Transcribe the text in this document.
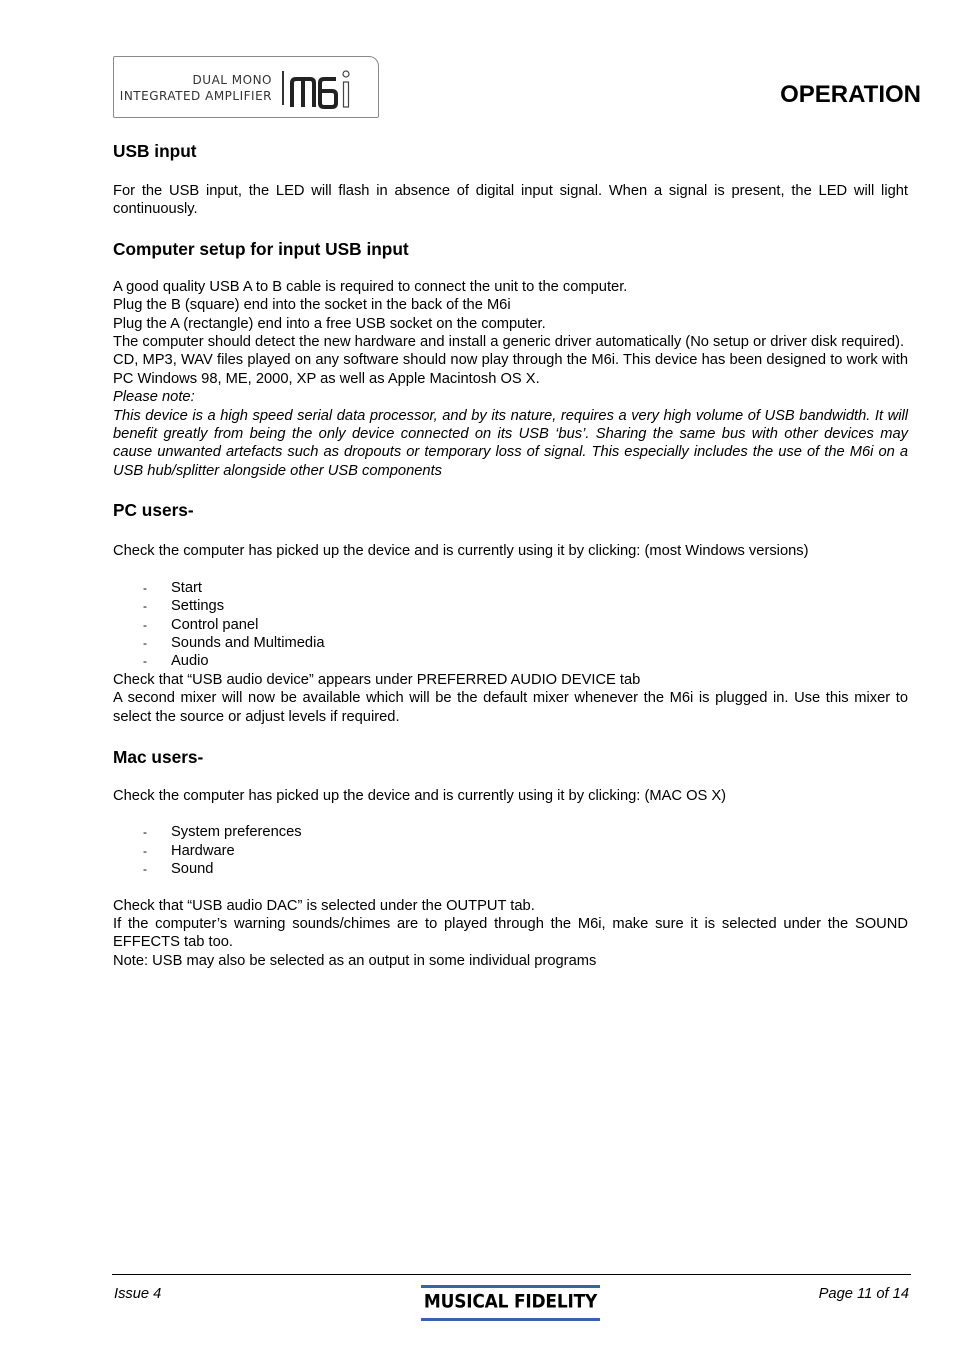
DUAL MONO
INTEGRATED AMPLIFIER	OPERATION
USB input

For the USB input, the LED will flash in absence of digital input signal. When a signal is present, the LED will light continuously.

Computer setup for input USB input

A good quality USB A to B cable is required to connect the unit to the computer.

Plug the B (square) end into the socket in the back of the M6i

Plug the A (rectangle) end into a free USB socket on the computer.

The computer should detect the new hardware and install a generic driver automatically (No setup or driver disk required).

CD, MP3, WAV files played on any software should now play through the M6i. This device has been designed to work with PC Windows 98, ME, 2000, XP as well as Apple Macintosh OS X.

Please note:

This device is a high speed serial data processor, and by its nature, requires a very high volume of USB bandwidth. It will benefit greatly from being the only device connected on its USB ‘bus’. Sharing the same bus with other devices may cause unwanted artefacts such as dropouts or temporary loss of signal. This especially includes the use of the M6i on a USB hub/splitter alongside other USB components

PC users-

Check the computer has picked up the device and is currently using it by clicking: (most Windows versions)

- Start
- Settings
- Control panel
- Sounds and Multimedia
- Audio

Check that “USB audio device” appears under PREFERRED AUDIO DEVICE tab

A second mixer will now be available which will be the default mixer whenever the M6i is plugged in. Use this mixer to select the source or adjust levels if required.

Mac users-

Check the computer has picked up the device and is currently using it by clicking: (MAC OS X)

- System preferences
- Hardware
- Sound

Check that “USB audio DAC” is selected under the OUTPUT tab.

If the computer’s warning sounds/chimes are to played through the M6i, make sure it is selected under the SOUND EFFECTS tab too.

Note: USB may also be selected as an output in some individual programs

Issue 4	MUSICAL FIDELITY	Page 11 of 14
